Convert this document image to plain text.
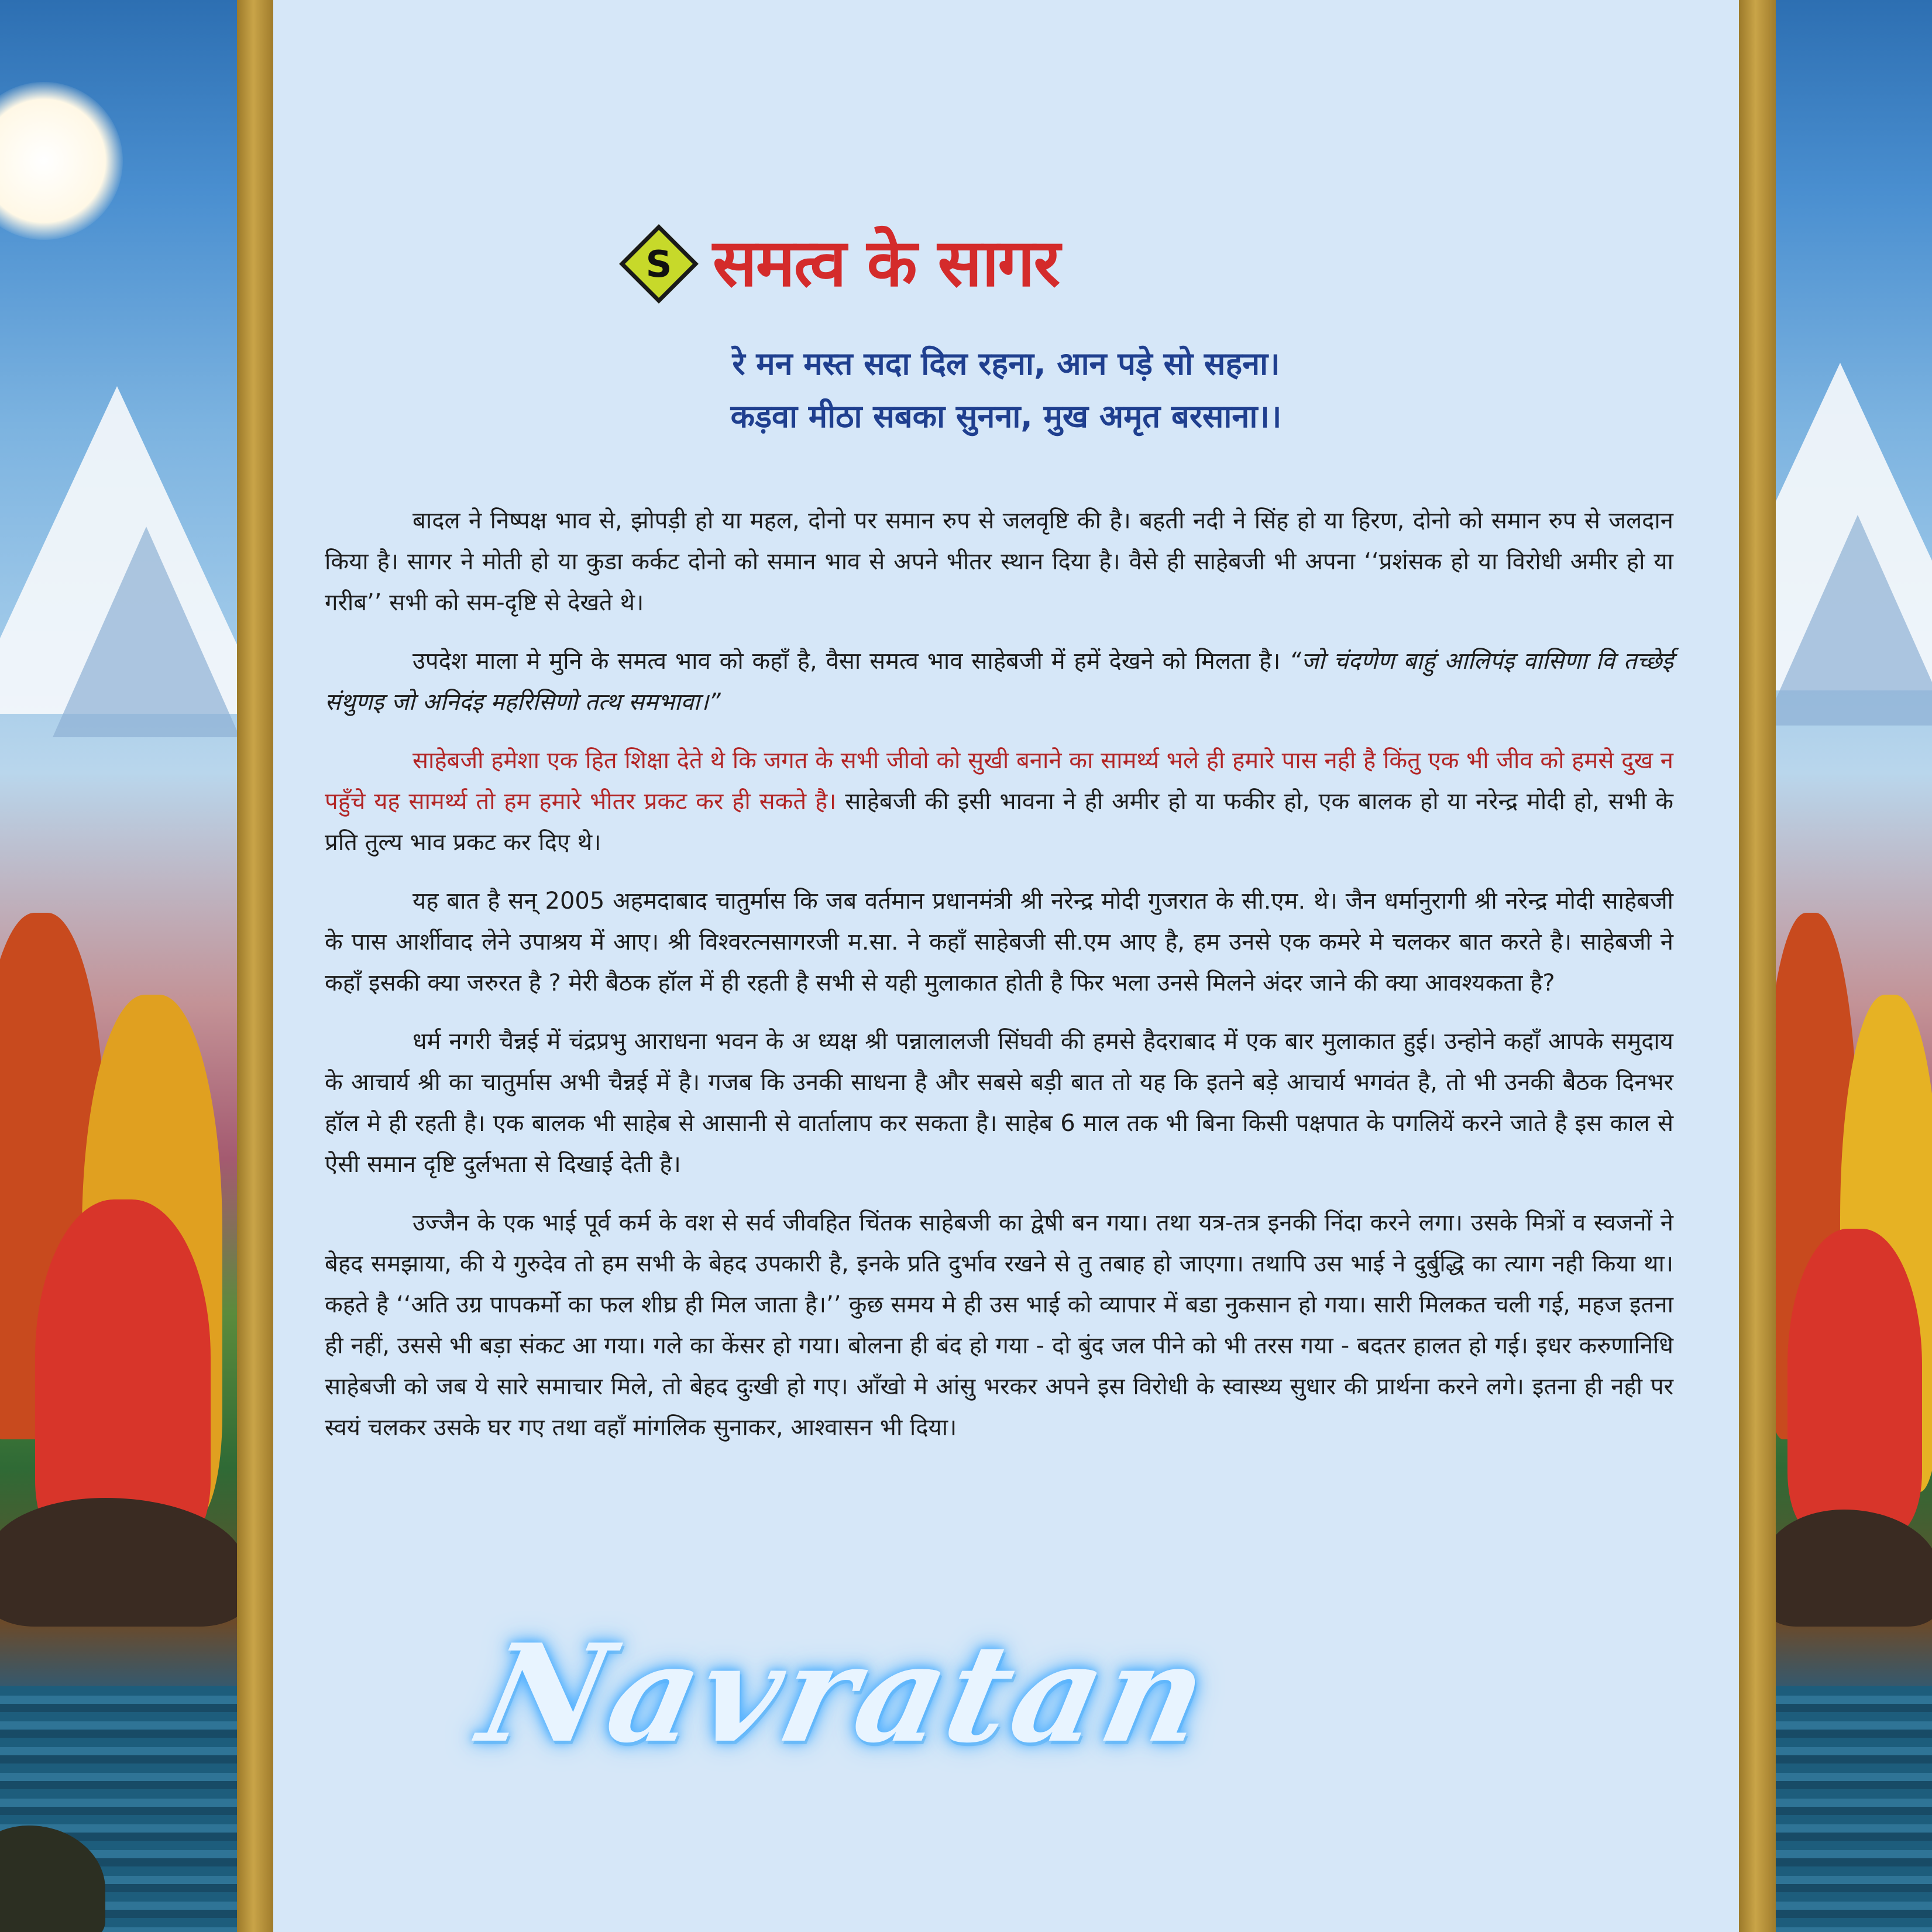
S समत्व के सागर
रे मन मस्त सदा दिल रहना, आन पड़े सो सहना।
कड़वा मीठा सबका सुनना, मुख अमृत बरसाना।।

बादल ने निष्पक्ष भाव से, झोपड़ी हो या महल, दोनो पर समान रुप से जलवृष्टि की है। बहती नदी ने सिंह हो या हिरण, दोनो को समान रुप से जलदान किया है। सागर ने मोती हो या कुडा कर्कट दोनो को समान भाव से अपने भीतर स्थान दिया है। वैसे ही साहेबजी भी अपना ‘‘प्रशंसक हो या विरोधी अमीर हो या गरीब’’ सभी को सम-दृष्टि से देखते थे।

उपदेश माला मे मुनि के समत्व भाव को कहाँ है, वैसा समत्व भाव साहेबजी में हमें देखने को मिलता है। “जो चंदणेण बाहुं आलिपंइ वासिणा वि तच्छेई संथुणइ जो अनिदंइ महरिसिणो तत्थ समभावा।”

साहेबजी हमेशा एक हित शिक्षा देते थे कि जगत के सभी जीवो को सुखी बनाने का सामर्थ्य भले ही हमारे पास नही है किंतु एक भी जीव को हमसे दुख न पहुँचे यह सामर्थ्य तो हम हमारे भीतर प्रकट कर ही सकते है। साहेबजी की इसी भावना ने ही अमीर हो या फकीर हो, एक बालक हो या नरेन्द्र मोदी हो, सभी के प्रति तुल्य भाव प्रकट कर दिए थे।

यह बात है सन् 2005 अहमदाबाद चातुर्मास कि जब वर्तमान प्रधानमंत्री श्री नरेन्द्र मोदी गुजरात के सी.एम. थे। जैन धर्मानुरागी श्री नरेन्द्र मोदी साहेबजी के पास आर्शीवाद लेने उपाश्रय में आए। श्री विश्वरत्नसागरजी म.सा. ने कहाँ साहेबजी सी.एम आए है, हम उनसे एक कमरे मे चलकर बात करते है। साहेबजी ने कहाँ इसकी क्या जरुरत है ? मेरी बैठक हॉल में ही रहती है सभी से यही मुलाकात होती है फिर भला उनसे मिलने अंदर जाने की क्या आवश्यकता है?

धर्म नगरी चैन्नई में चंद्रप्रभु आराधना भवन के अ ध्यक्ष श्री पन्नालालजी सिंघवी की हमसे हैदराबाद में एक बार मुलाकात हुई। उन्होने कहाँ आपके समुदाय के आचार्य श्री का चातुर्मास अभी चैन्नई में है। गजब कि उनकी साधना है और सबसे बड़ी बात तो यह कि इतने बड़े आचार्य भगवंत है, तो भी उनकी बैठक दिनभर हॉल मे ही रहती है। एक बालक भी साहेब से आसानी से वार्तालाप कर सकता है। साहेब 6 माल तक भी बिना किसी पक्षपात के पगलियें करने जाते है इस काल से ऐसी समान दृष्टि दुर्लभता से दिखाई देती है।

उज्जैन के एक भाई पूर्व कर्म के वश से सर्व जीवहित चिंतक साहेबजी का द्वेषी बन गया। तथा यत्र-तत्र इनकी निंदा करने लगा। उसके मित्रों व स्वजनों ने बेहद समझाया, की ये गुरुदेव तो हम सभी के बेहद उपकारी है, इनके प्रति दुर्भाव रखने से तु तबाह हो जाएगा। तथापि उस भाई ने दुर्बुद्धि का त्याग नही किया था। कहते है ‘‘अति उग्र पापकर्मो का फल शीघ्र ही मिल जाता है।’’ कुछ समय मे ही उस भाई को व्यापार में बडा नुकसान हो गया। सारी मिलकत चली गई, महज इतना ही नहीं, उससे भी बड़ा संकट आ गया। गले का केंसर हो गया। बोलना ही बंद हो गया - दो बुंद जल पीने को भी तरस गया - बदतर हालत हो गई। इधर करुणानिधि साहेबजी को जब ये सारे समाचार मिले, तो बेहद दुःखी हो गए। आँखो मे आंसु भरकर अपने इस विरोधी के स्वास्थ्य सुधार की प्रार्थना करने लगे। इतना ही नही पर स्वयं चलकर उसके घर गए तथा वहाँ मांगलिक सुनाकर, आश्वासन भी दिया।

Navratan
